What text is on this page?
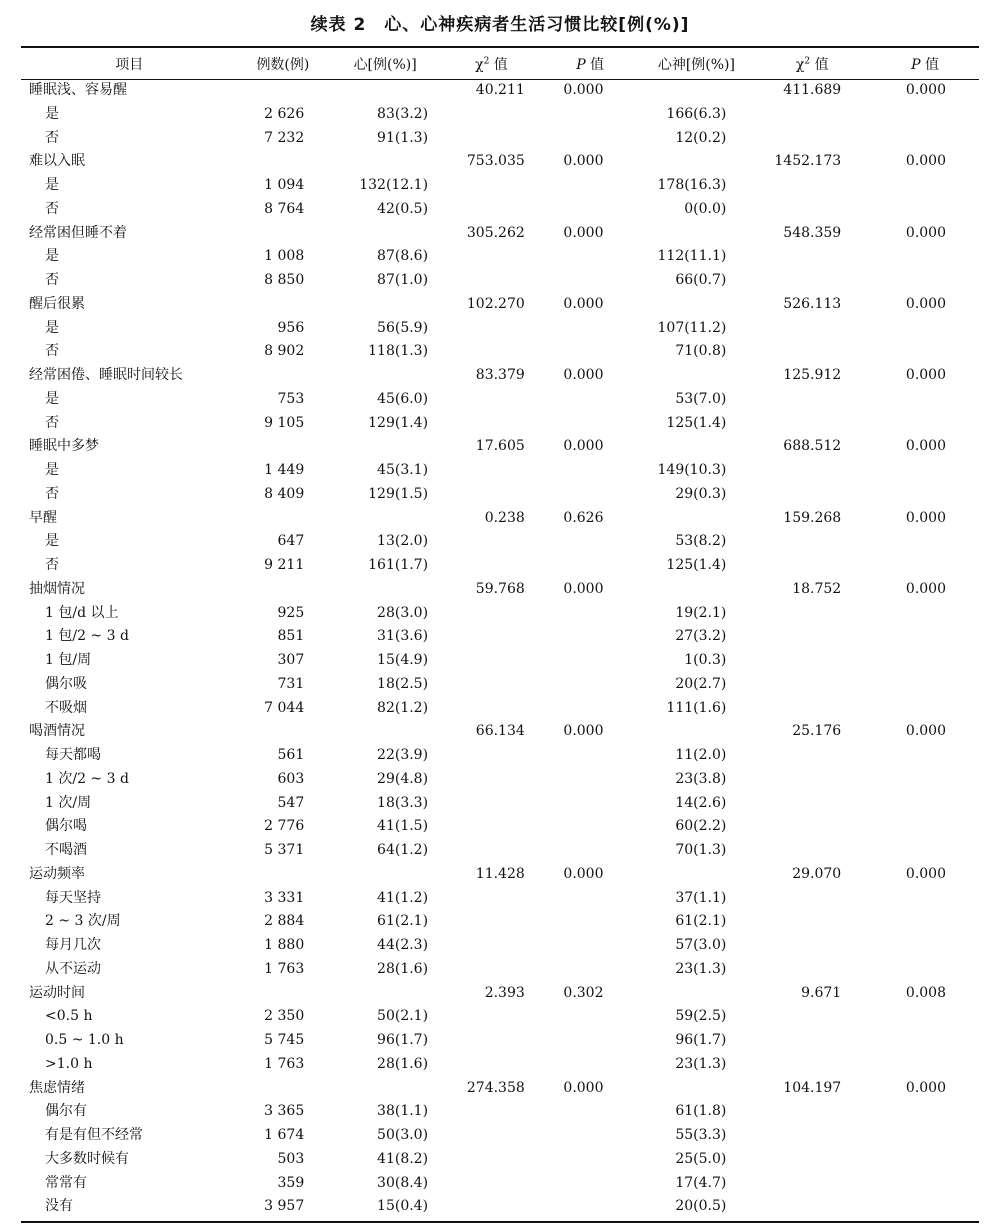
续表 2　心、心神疾病者生活习惯比较[例(%)]
项目	例数(例)	心[例(%)]	$\chi^2$ 值	P 值	心神[例(%)]	$\chi^2$ 值	P 值
睡眠浅、容易醒			40.211	0.000		411.689	0.000
是	2 626	83(3.2)			166(6.3)		
否	7 232	91(1.3)			12(0.2)		
难以入眠			753.035	0.000		1452.173	0.000
是	1 094	132(12.1)			178(16.3)		
否	8 764	42(0.5)			0(0.0)		
经常困但睡不着			305.262	0.000		548.359	0.000
是	1 008	87(8.6)			112(11.1)		
否	8 850	87(1.0)			66(0.7)		
醒后很累			102.270	0.000		526.113	0.000
是	956	56(5.9)			107(11.2)		
否	8 902	118(1.3)			71(0.8)		
经常困倦、睡眠时间较长			83.379	0.000		125.912	0.000
是	753	45(6.0)			53(7.0)		
否	9 105	129(1.4)			125(1.4)		
睡眠中多梦			17.605	0.000		688.512	0.000
是	1 449	45(3.1)			149(10.3)		
否	8 409	129(1.5)			29(0.3)		
早醒			0.238	0.626		159.268	0.000
是	647	13(2.0)			53(8.2)		
否	9 211	161(1.7)			125(1.4)		
抽烟情况			59.768	0.000		18.752	0.000
1 包/d 以上	925	28(3.0)			19(2.1)		
1 包/2 ~ 3 d	851	31(3.6)			27(3.2)		
1 包/周	307	15(4.9)			1(0.3)		
偶尔吸	731	18(2.5)			20(2.7)		
不吸烟	7 044	82(1.2)			111(1.6)		
喝酒情况			66.134	0.000		25.176	0.000
每天都喝	561	22(3.9)			11(2.0)		
1 次/2 ~ 3 d	603	29(4.8)			23(3.8)		
1 次/周	547	18(3.3)			14(2.6)		
偶尔喝	2 776	41(1.5)			60(2.2)		
不喝酒	5 371	64(1.2)			70(1.3)		
运动频率			11.428	0.000		29.070	0.000
每天坚持	3 331	41(1.2)			37(1.1)		
2 ~ 3 次/周	2 884	61(2.1)			61(2.1)		
每月几次	1 880	44(2.3)			57(3.0)		
从不运动	1 763	28(1.6)			23(1.3)		
运动时间			2.393	0.302		9.671	0.008
<0.5 h	2 350	50(2.1)			59(2.5)		
0.5 ~ 1.0 h	5 745	96(1.7)			96(1.7)		
>1.0 h	1 763	28(1.6)			23(1.3)		
焦虑情绪			274.358	0.000		104.197	0.000
偶尔有	3 365	38(1.1)			61(1.8)		
有是有但不经常	1 674	50(3.0)			55(3.3)		
大多数时候有	503	41(8.2)			25(5.0)		
常常有	359	30(8.4)			17(4.7)		
没有	3 957	15(0.4)			20(0.5)		
